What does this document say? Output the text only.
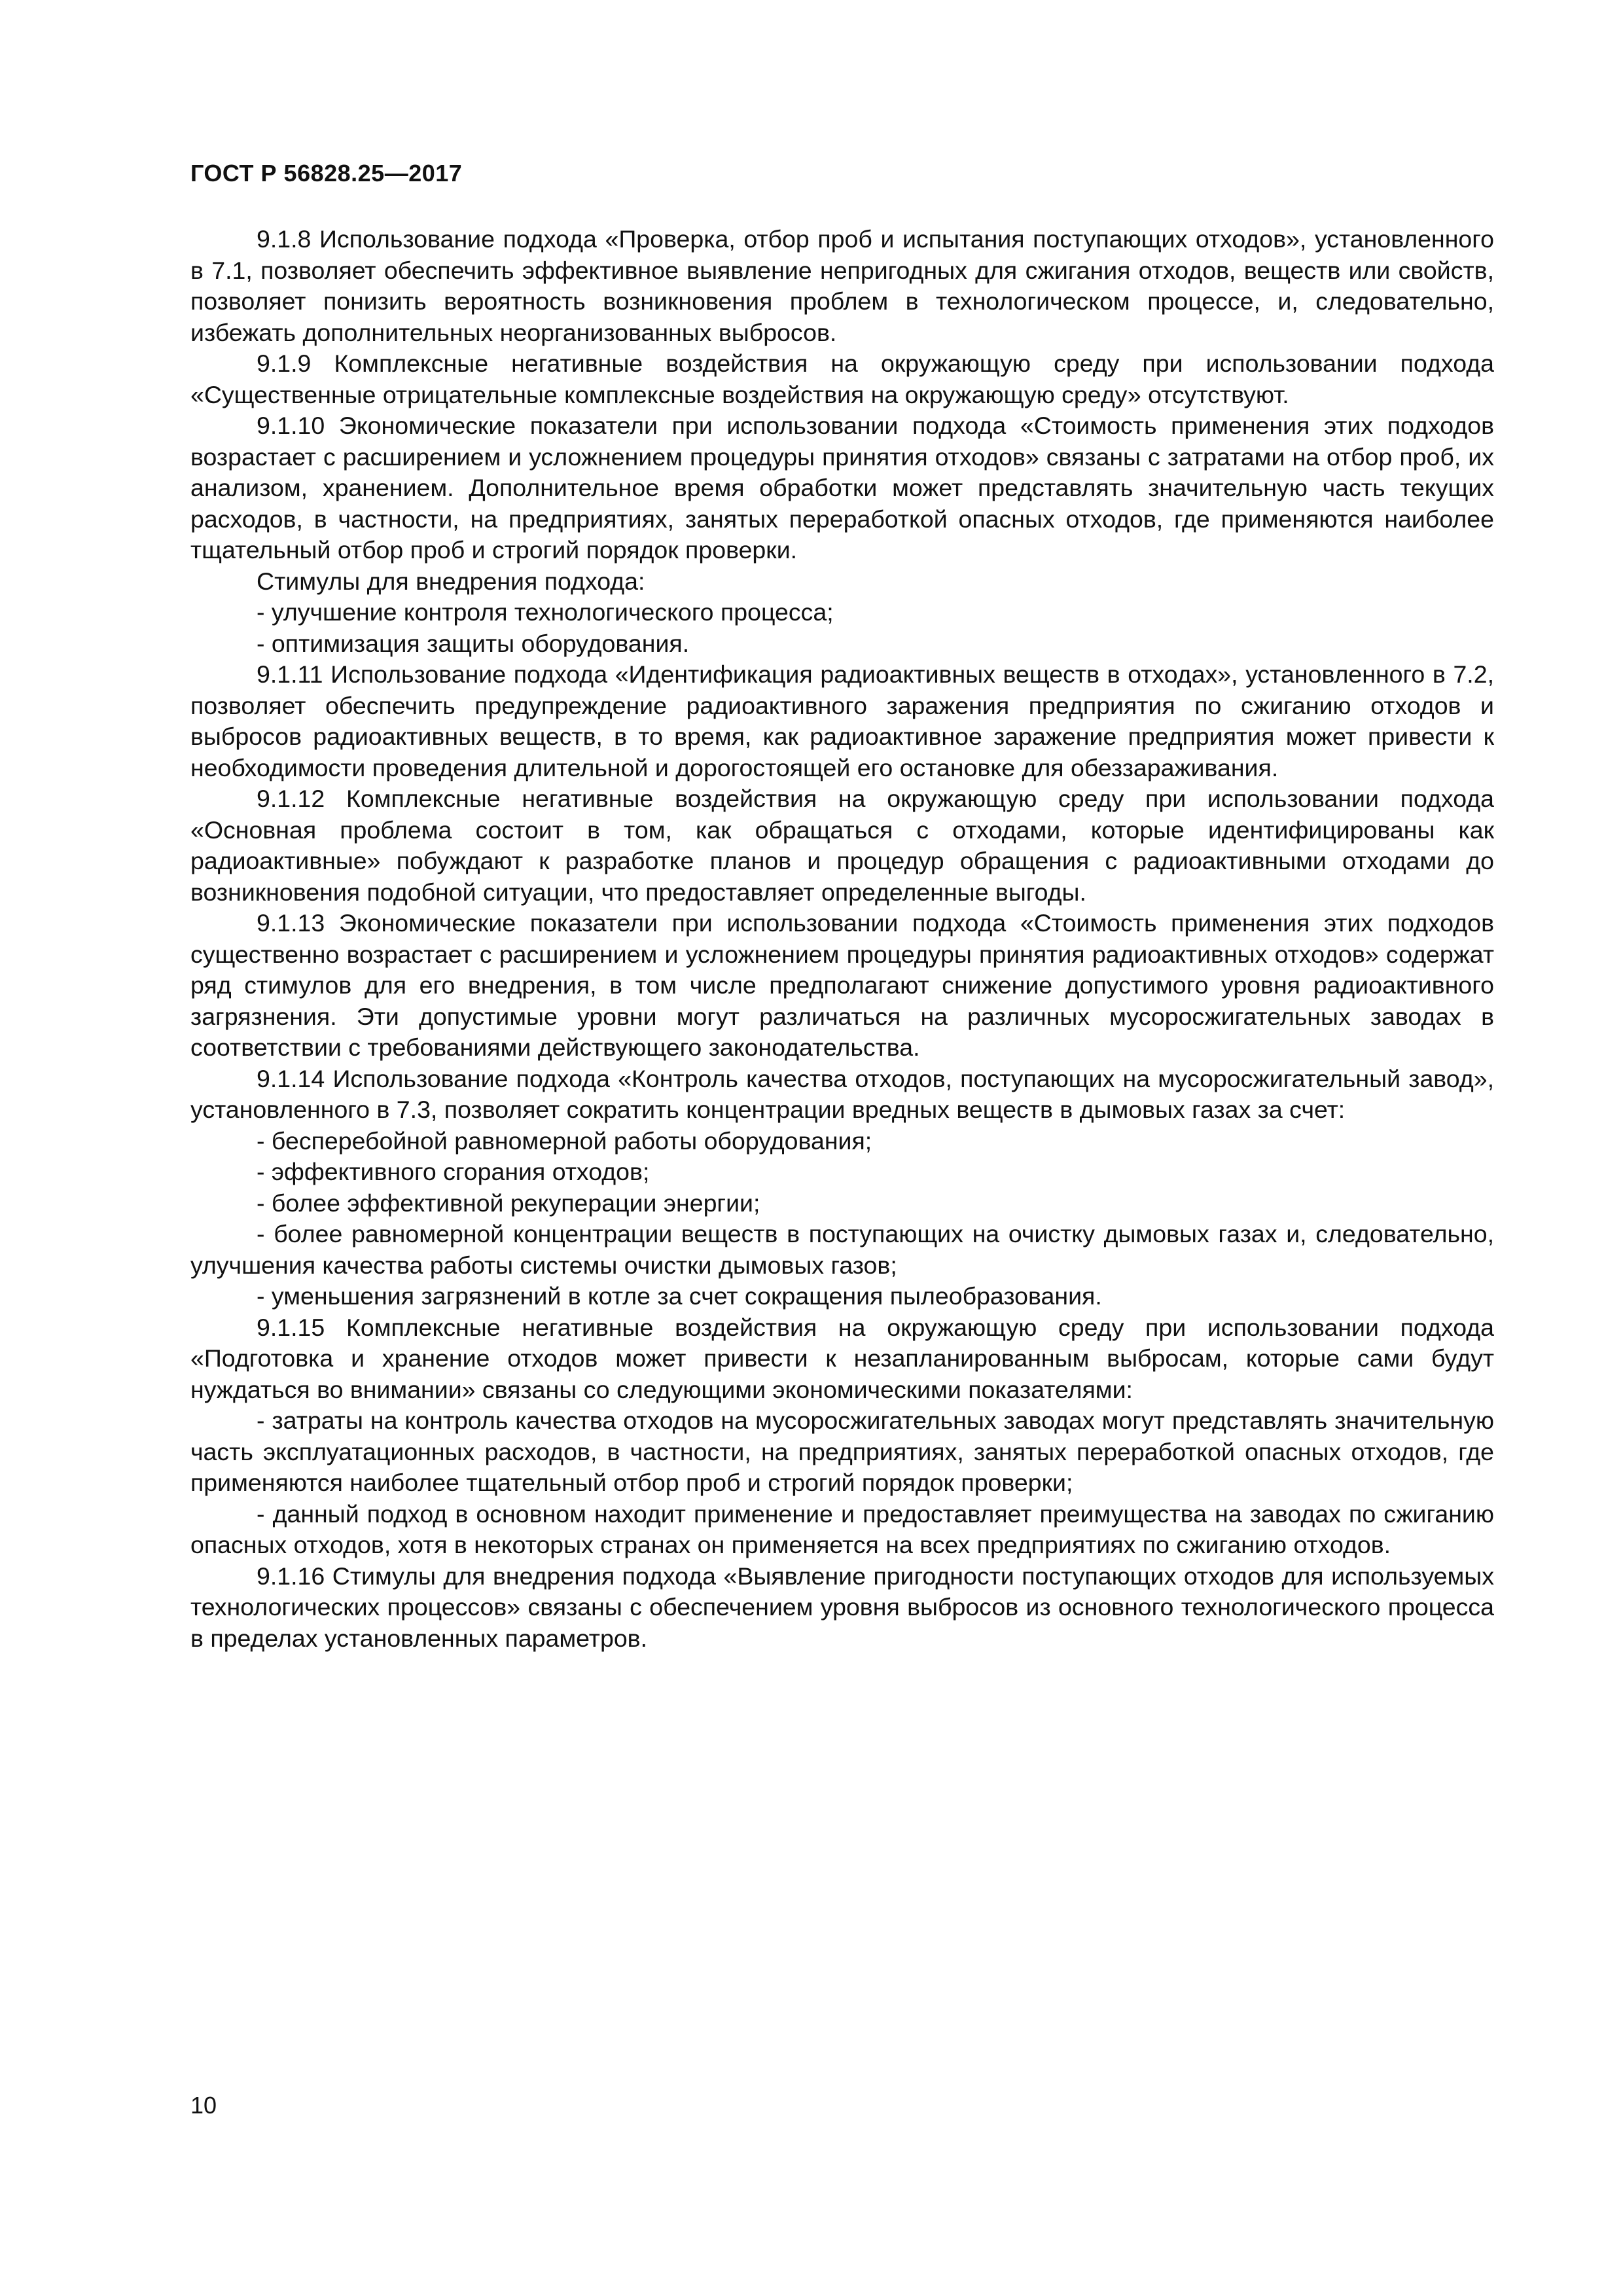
ГОСТ Р 56828.25—2017

9.1.8 Использование подхода «Проверка, отбор проб и испытания поступающих отходов», установленного в 7.1, позволяет обеспечить эффективное выявление непригодных для сжигания отходов, веществ или свойств, позволяет понизить вероятность возникновения проблем в технологическом процессе, и, следовательно, избежать дополнительных неорганизованных выбросов.

9.1.9 Комплексные негативные воздействия на окружающую среду при использовании подхода «Существенные отрицательные комплексные воздействия на окружающую среду» отсутствуют.

9.1.10 Экономические показатели при использовании подхода «Стоимость применения этих подходов возрастает с расширением и усложнением процедуры принятия отходов» связаны с затратами на отбор проб, их анализом, хранением. Дополнительное время обработки может представлять значительную часть текущих расходов, в частности, на предприятиях, занятых переработкой опасных отходов, где применяются наиболее тщательный отбор проб и строгий порядок проверки.

Стимулы для внедрения подхода:

- улучшение контроля технологического процесса;

- оптимизация защиты оборудования.

9.1.11 Использование подхода «Идентификация радиоактивных веществ в отходах», установленного в 7.2, позволяет обеспечить предупреждение радиоактивного заражения предприятия по сжиганию отходов и выбросов радиоактивных веществ, в то время, как радиоактивное заражение предприятия может привести к необходимости проведения длительной и дорогостоящей его остановке для обеззараживания.

9.1.12 Комплексные негативные воздействия на окружающую среду при использовании подхода «Основная проблема состоит в том, как обращаться с отходами, которые идентифицированы как радиоактивные» побуждают к разработке планов и процедур обращения с радиоактивными отходами до возникновения подобной ситуации, что предоставляет определенные выгоды.

9.1.13 Экономические показатели при использовании подхода «Стоимость применения этих подходов существенно возрастает с расширением и усложнением процедуры принятия радиоактивных отходов» содержат ряд стимулов для его внедрения, в том числе предполагают снижение допустимого уровня радиоактивного загрязнения. Эти допустимые уровни могут различаться на различных мусоросжигательных заводах в соответствии с требованиями действующего законодательства.

9.1.14 Использование подхода «Контроль качества отходов, поступающих на мусоросжигательный завод», установленного в 7.3, позволяет сократить концентрации вредных веществ в дымовых газах за счет:

- бесперебойной равномерной работы оборудования;

- эффективного сгорания отходов;

- более эффективной рекуперации энергии;

- более равномерной концентрации веществ в поступающих на очистку дымовых газах и, следовательно, улучшения качества работы системы очистки дымовых газов;

- уменьшения загрязнений в котле за счет сокращения пылеобразования.

9.1.15 Комплексные негативные воздействия на окружающую среду при использовании подхода «Подготовка и хранение отходов может привести к незапланированным выбросам, которые сами будут нуждаться во внимании» связаны со следующими экономическими показателями:

- затраты на контроль качества отходов на мусоросжигательных заводах могут представлять значительную часть эксплуатационных расходов, в частности, на предприятиях, занятых переработкой опасных отходов, где применяются наиболее тщательный отбор проб и строгий порядок проверки;

- данный подход в основном находит применение и предоставляет преимущества на заводах по сжиганию опасных отходов, хотя в некоторых странах он применяется на всех предприятиях по сжиганию отходов.

9.1.16 Стимулы для внедрения подхода «Выявление пригодности поступающих отходов для используемых технологических процессов» связаны с обеспечением уровня выбросов из основного технологического процесса в пределах установленных параметров.

10
